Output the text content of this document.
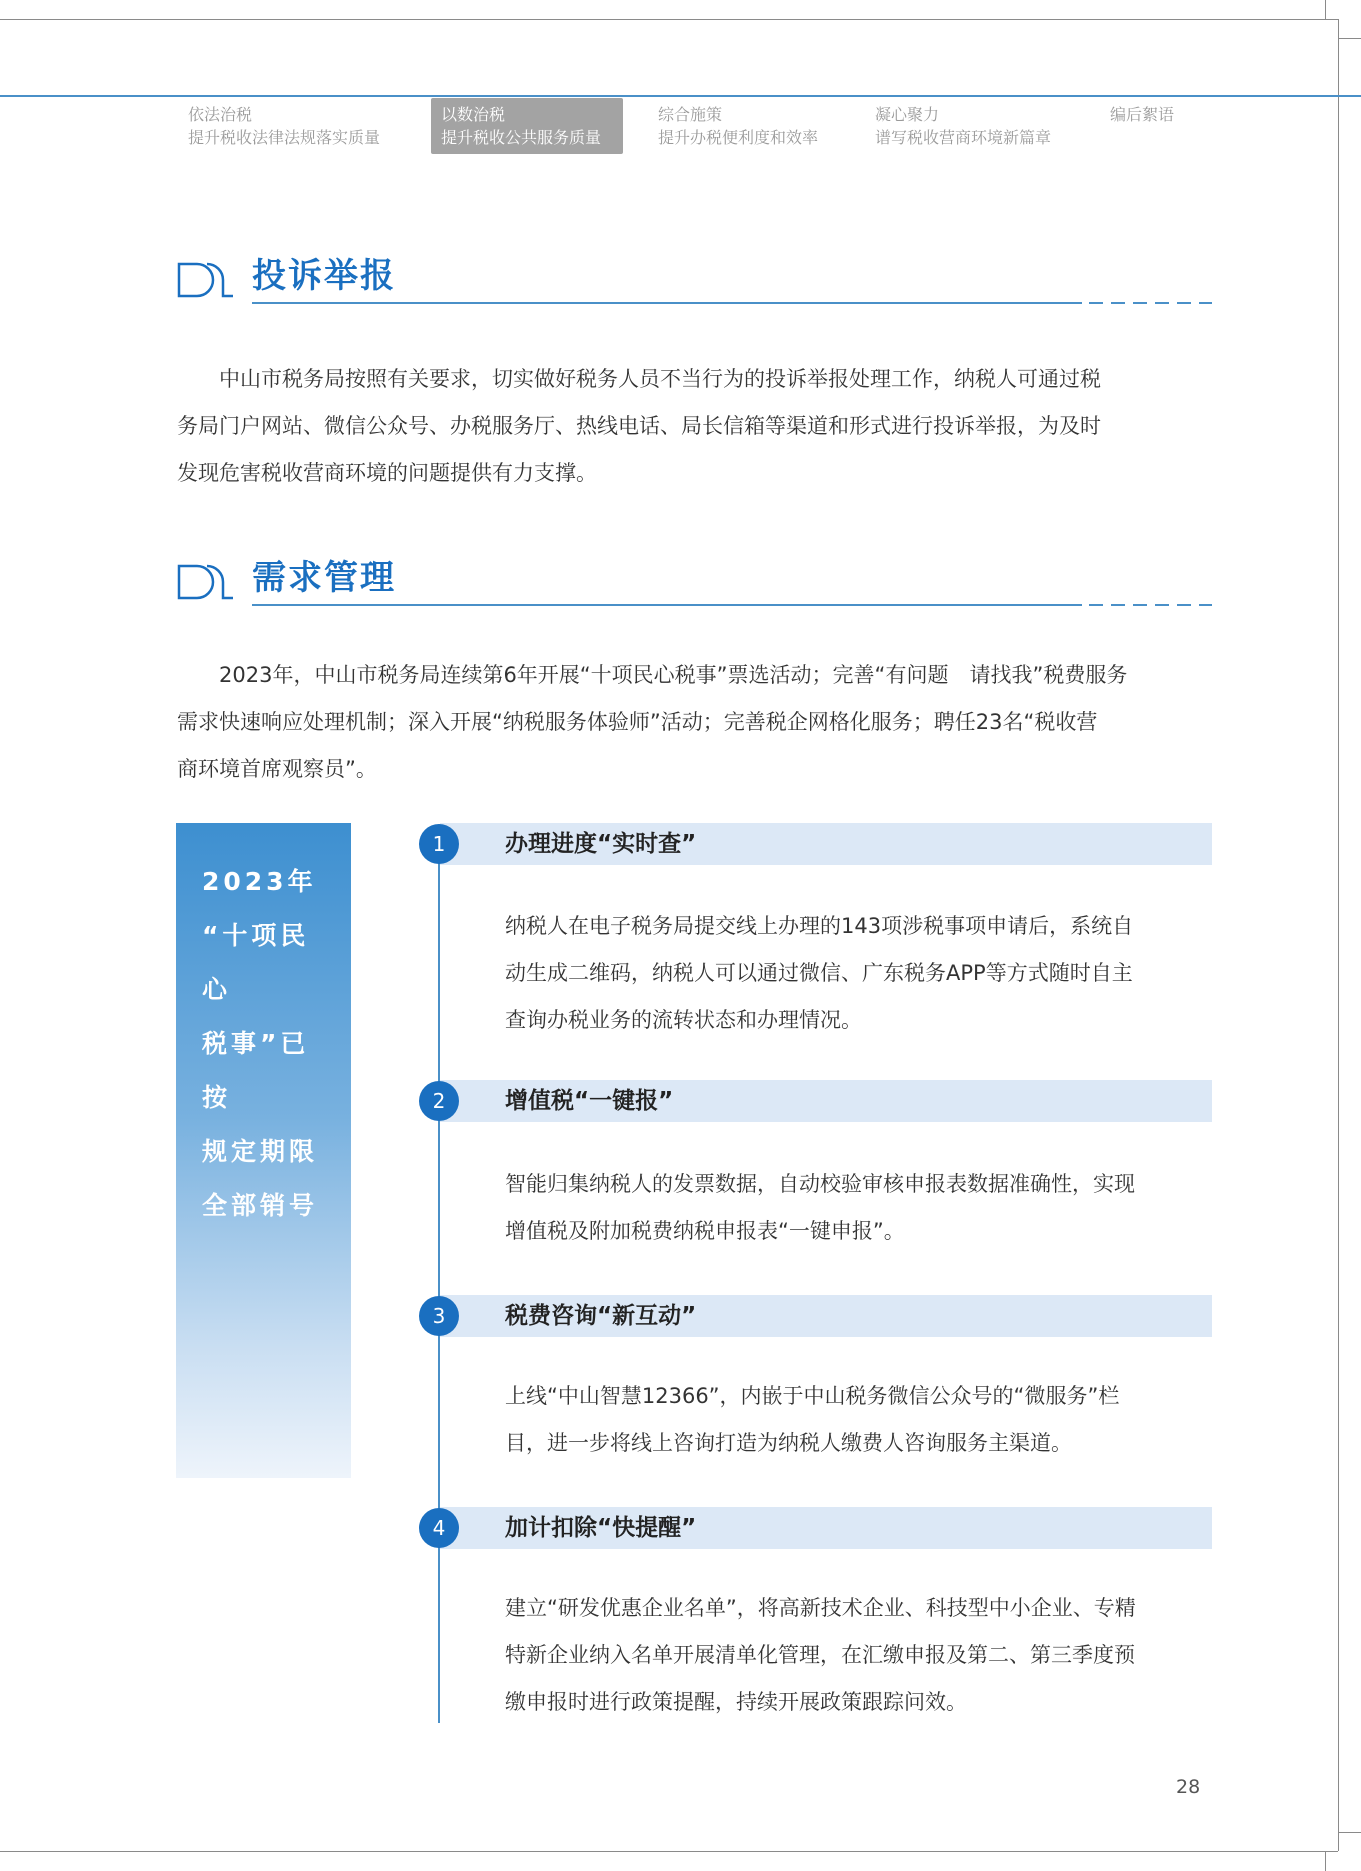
依法治税
提升税收法律法规落实质量
以数治税
提升税收公共服务质量
综合施策
提升办税便利度和效率
凝心聚力
谱写税收营商环境新篇章
编后絮语
投诉举报
　　中山市税务局按照有关要求，切实做好税务人员不当行为的投诉举报处理工作，纳税人可通过税
务局门户网站、微信公众号、办税服务厅、热线电话、局长信箱等渠道和形式进行投诉举报，为及时
发现危害税收营商环境的问题提供有力支撑。
需求管理
　　2023年，中山市税务局连续第6年开展“十项民心税事”票选活动；完善“有问题　请找我”税费服务
需求快速响应处理机制；深入开展“纳税服务体验师”活动；完善税企网格化服务；聘任23名“税收营
商环境首席观察员”。
2023年
“十项民心
税事”已按
规定期限
全部销号
1	办理进度“实时查”
纳税人在电子税务局提交线上办理的143项涉税事项申请后，系统自
动生成二维码，纳税人可以通过微信、广东税务APP等方式随时自主
查询办税业务的流转状态和办理情况。
2	增值税“一键报”
智能归集纳税人的发票数据，自动校验审核申报表数据准确性，实现
增值税及附加税费纳税申报表“一键申报”。
3	税费咨询“新互动”
上线“中山智慧12366”，内嵌于中山税务微信公众号的“微服务”栏
目，进一步将线上咨询打造为纳税人缴费人咨询服务主渠道。
4	加计扣除“快提醒”
建立“研发优惠企业名单”，将高新技术企业、科技型中小企业、专精
特新企业纳入名单开展清单化管理，在汇缴申报及第二、第三季度预
缴申报时进行政策提醒，持续开展政策跟踪问效。
28
